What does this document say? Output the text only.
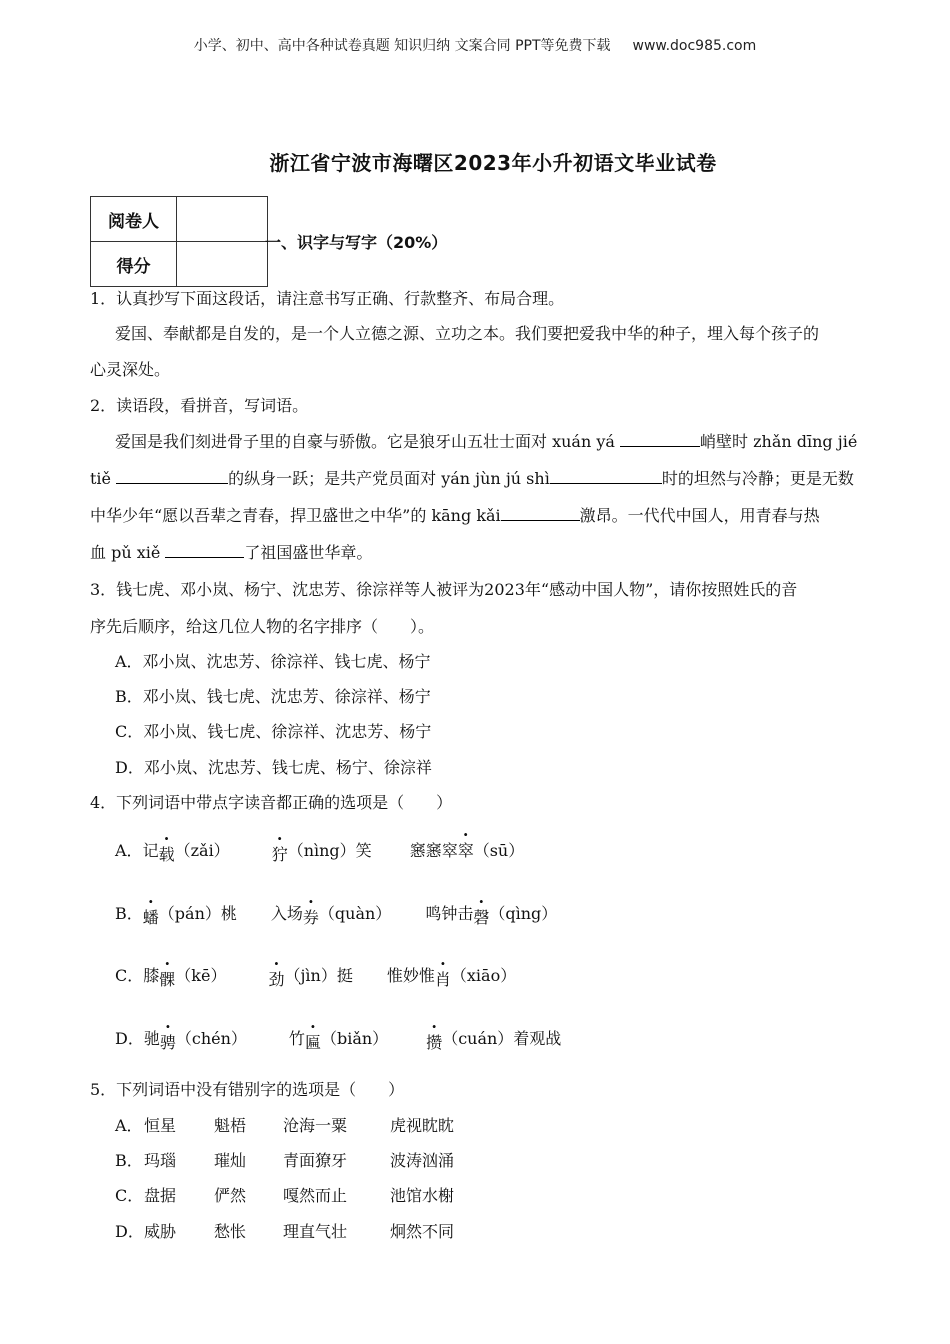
小学、初中、高中各种试卷真题 知识归纳 文案合同 PPT等免费下载 www.doc985.com
浙江省宁波市海曙区2023年小升初语文毕业试卷
阅卷人	
得分	
一、识字与写字（20%）
1．认真抄写下面这段话，请注意书写正确、行款整齐、布局合理。
爱国、奉献都是自发的，是一个人立德之源、立功之本。我们要把爱我中华的种子，埋入每个孩子的
心灵深处。
2．读语段，看拼音，写词语。
爱国是我们刻进骨子里的自豪与骄傲。它是狼牙山五壮士面对 xuán yá	峭壁时 zhǎn dīng jié
tiě	的纵身一跃；是共产党员面对 yán jùn jú shì	时的坦然与冷静；更是无数
中华少年“愿以吾辈之青春，捍卫盛世之中华”的 kāng kǎi	激昂。一代代中国人，用青春与热
血 pǔ xiě	了祖国盛世华章。
3．钱七虎、邓小岚、杨宁、沈忠芳、徐淙祥等人被评为2023年“感动中国人物”，请你按照姓氏的音
序先后顺序，给这几位人物的名字排序（　　）。
A．邓小岚、沈忠芳、徐淙祥、钱七虎、杨宁
B．邓小岚、钱七虎、沈忠芳、徐淙祥、杨宁
C．邓小岚、钱七虎、徐淙祥、沈忠芳、杨宁
D．邓小岚、沈忠芳、钱七虎、杨宁、徐淙祥
4．下列词语中带点字读音都正确的选项是（　　）
A．记载（zǎi）	狞（nìng）笑 窸窸窣窣（sū）
B．蟠（pán）桃 入场券（quàn） 鸣钟击磬（qìng）
C．膝髁（kē）	劲（jìn）挺 惟妙惟肖（xiāo）
D．驰骋（chén）	竹匾（biǎn） 攒（cuán）着观战
5．下列词语中没有错别字的选项是（　　）
A． 恒星 魁梧 沧海一粟	虎视眈眈
B． 玛瑙 璀灿 青面獠牙	波涛汹涌
C． 盘据 俨然 嘎然而止	池馆水榭
D． 威胁 愁怅 理直气壮	炯然不同
